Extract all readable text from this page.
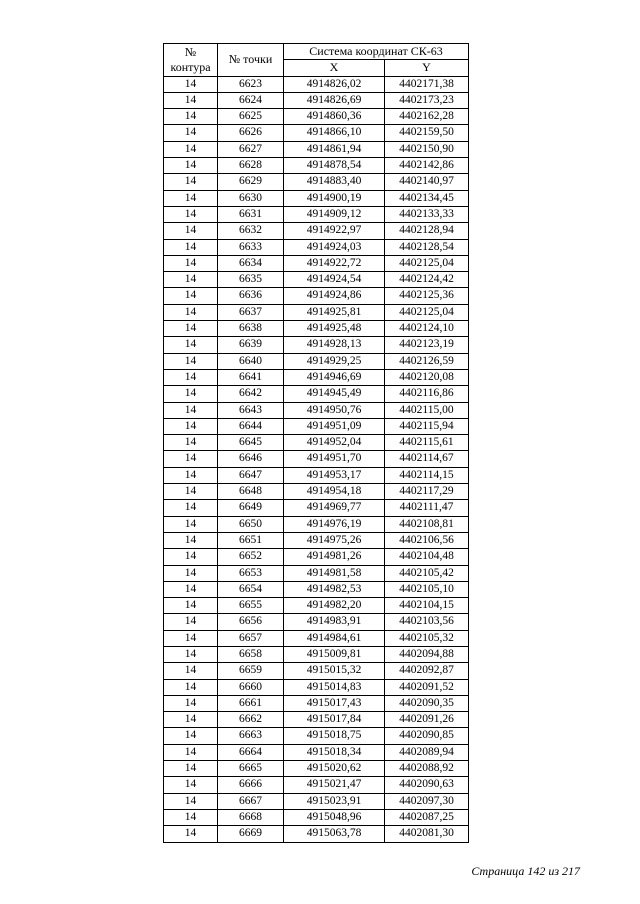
№ контура	№ точки	Система координат СК-63	
		X	Y
14	6623	4914826,02	4402171,38
14	6624	4914826,69	4402173,23
14	6625	4914860,36	4402162,28
14	6626	4914866,10	4402159,50
14	6627	4914861,94	4402150,90
14	6628	4914878,54	4402142,86
14	6629	4914883,40	4402140,97
14	6630	4914900,19	4402134,45
14	6631	4914909,12	4402133,33
14	6632	4914922,97	4402128,94
14	6633	4914924,03	4402128,54
14	6634	4914922,72	4402125,04
14	6635	4914924,54	4402124,42
14	6636	4914924,86	4402125,36
14	6637	4914925,81	4402125,04
14	6638	4914925,48	4402124,10
14	6639	4914928,13	4402123,19
14	6640	4914929,25	4402126,59
14	6641	4914946,69	4402120,08
14	6642	4914945,49	4402116,86
14	6643	4914950,76	4402115,00
14	6644	4914951,09	4402115,94
14	6645	4914952,04	4402115,61
14	6646	4914951,70	4402114,67
14	6647	4914953,17	4402114,15
14	6648	4914954,18	4402117,29
14	6649	4914969,77	4402111,47
14	6650	4914976,19	4402108,81
14	6651	4914975,26	4402106,56
14	6652	4914981,26	4402104,48
14	6653	4914981,58	4402105,42
14	6654	4914982,53	4402105,10
14	6655	4914982,20	4402104,15
14	6656	4914983,91	4402103,56
14	6657	4914984,61	4402105,32
14	6658	4915009,81	4402094,88
14	6659	4915015,32	4402092,87
14	6660	4915014,83	4402091,52
14	6661	4915017,43	4402090,35
14	6662	4915017,84	4402091,26
14	6663	4915018,75	4402090,85
14	6664	4915018,34	4402089,94
14	6665	4915020,62	4402088,92
14	6666	4915021,47	4402090,63
14	6667	4915023,91	4402097,30
14	6668	4915048,96	4402087,25
14	6669	4915063,78	4402081,30
Страница 142 из 217
